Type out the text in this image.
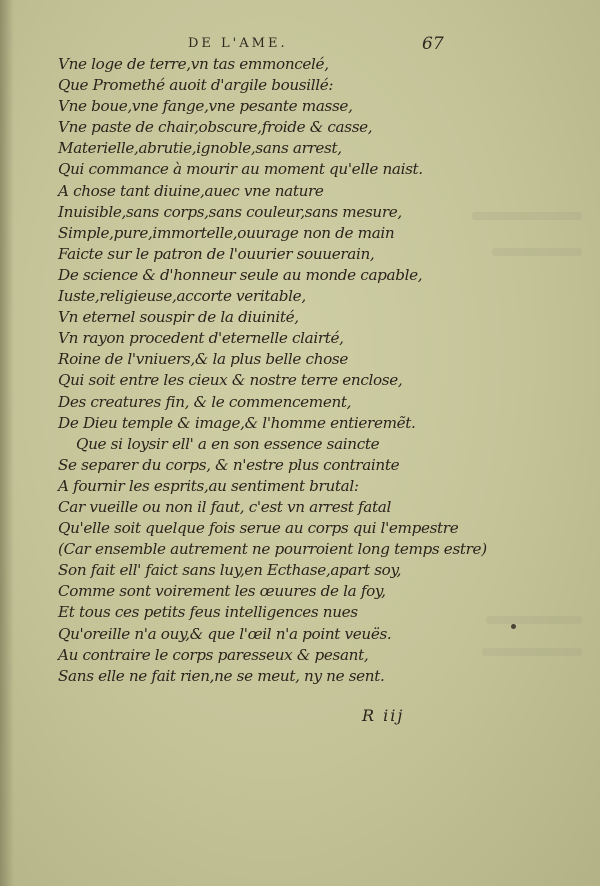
DE L'AME.	67
Vne loge de terre,vn tas emmoncelé,
Que Promethé auoit d'argile bousillé:
Vne boue,vne fange,vne pesante masse,
Vne paste de chair,obscure,froide & casse,
Materielle,abrutie,ignoble,sans arrest,
Qui commance à mourir au moment qu'elle naist.
A chose tant diuine,auec vne nature
Inuisible,sans corps,sans couleur,sans mesure,
Simple,pure,immortelle,ouurage non de main
Faicte sur le patron de l'ouurier souuerain,
De science & d'honneur seule au monde capable,
Iuste,religieuse,accorte veritable,
Vn eternel souspir de la diuinité,
Vn rayon procedent d'eternelle clairté,
Roine de l'vniuers,& la plus belle chose
Qui soit entre les cieux & nostre terre enclose,
Des creatures fin, & le commencement,
De Dieu temple & image,& l'homme entieremẽt.
Que si loysir ell' a en son essence saincte
Se separer du corps, & n'estre plus contrainte
A fournir les esprits,au sentiment brutal:
Car vueille ou non il faut, c'est vn arrest fatal
Qu'elle soit quelque fois serue au corps qui l'empestre
(Car ensemble autrement ne pourroient long temps estre)
Son fait ell' faict sans luy,en Ecthase,apart soy,
Comme sont voirement les œuures de la foy,
Et tous ces petits feus intelligences nues
Qu'oreille n'a ouy,& que l'œil n'a point veuës.
Au contraire le corps paresseux & pesant,
Sans elle ne fait rien,ne se meut, ny ne sent.
R iij
